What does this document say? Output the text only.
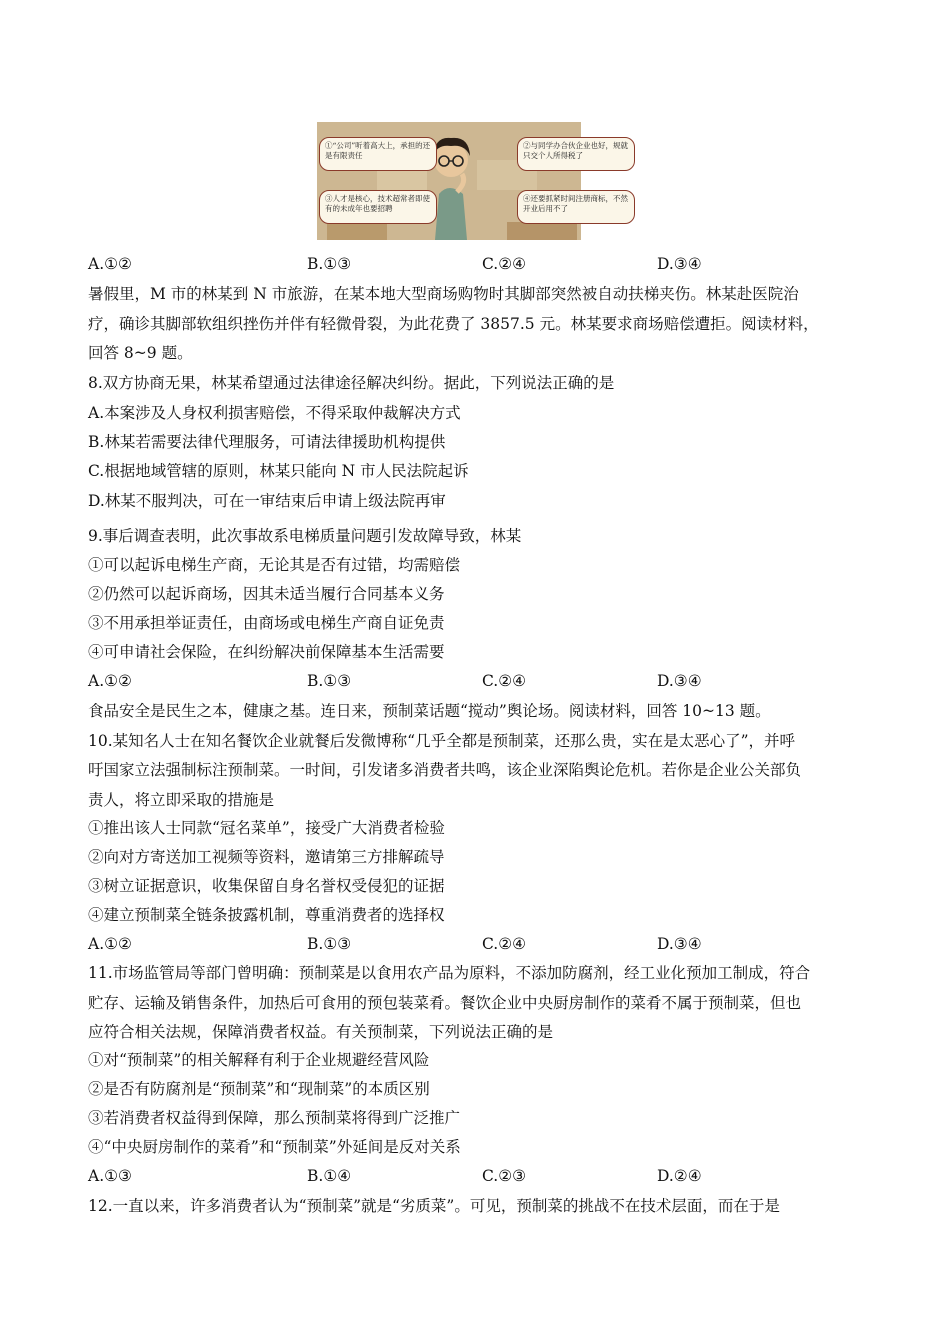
①“公司”听着高大上，承担的还是有限责任
②与同学办合伙企业也好，规就只交个人所得税了
③人才是核心，技术超常者即使有的未成年也要招聘
④还要抓紧时间注册商标，不然开业后用不了
A.①②	B.①③	C.②④	D.③④
暑假里，M 市的林某到 N 市旅游，在某本地大型商场购物时其脚部突然被自动扶梯夹伤。林某赴医院治
疗，确诊其脚部软组织挫伤并伴有轻微骨裂，为此花费了 3857.5 元。林某要求商场赔偿遭拒。阅读材料，
回答 8~9 题。
8.双方协商无果，林某希望通过法律途径解决纠纷。据此，下列说法正确的是
A.本案涉及人身权利损害赔偿，不得采取仲裁解决方式
B.林某若需要法律代理服务，可请法律援助机构提供
C.根据地域管辖的原则，林某只能向 N 市人民法院起诉
D.林某不服判决，可在一审结束后申请上级法院再审
9.事后调查表明，此次事故系电梯质量问题引发故障导致，林某
①可以起诉电梯生产商，无论其是否有过错，均需赔偿
②仍然可以起诉商场，因其未适当履行合同基本义务
③不用承担举证责任，由商场或电梯生产商自证免责
④可申请社会保险，在纠纷解决前保障基本生活需要
A.①②	B.①③	C.②④	D.③④
食品安全是民生之本，健康之基。连日来，预制菜话题“搅动”舆论场。阅读材料，回答 10~13 题。
10.某知名人士在知名餐饮企业就餐后发微博称“几乎全都是预制菜，还那么贵，实在是太恶心了”，并呼
吁国家立法强制标注预制菜。一时间，引发诸多消费者共鸣，该企业深陷舆论危机。若你是企业公关部负
责人，将立即采取的措施是
①推出该人士同款“冠名菜单”，接受广大消费者检验
②向对方寄送加工视频等资料，邀请第三方排解疏导
③树立证据意识，收集保留自身名誉权受侵犯的证据
④建立预制菜全链条披露机制，尊重消费者的选择权
A.①②	B.①③	C.②④	D.③④
11.市场监管局等部门曾明确：预制菜是以食用农产品为原料，不添加防腐剂，经工业化预加工制成，符合
贮存、运输及销售条件，加热后可食用的预包装菜肴。餐饮企业中央厨房制作的菜肴不属于预制菜，但也
应符合相关法规，保障消费者权益。有关预制菜，下列说法正确的是
①对“预制菜”的相关解释有利于企业规避经营风险
②是否有防腐剂是“预制菜”和“现制菜”的本质区别
③若消费者权益得到保障，那么预制菜将得到广泛推广
④“中央厨房制作的菜肴”和“预制菜”外延间是反对关系
A.①③	B.①④	C.②③	D.②④
12.一直以来，许多消费者认为“预制菜”就是“劣质菜”。可见，预制菜的挑战不在技术层面，而在于是
